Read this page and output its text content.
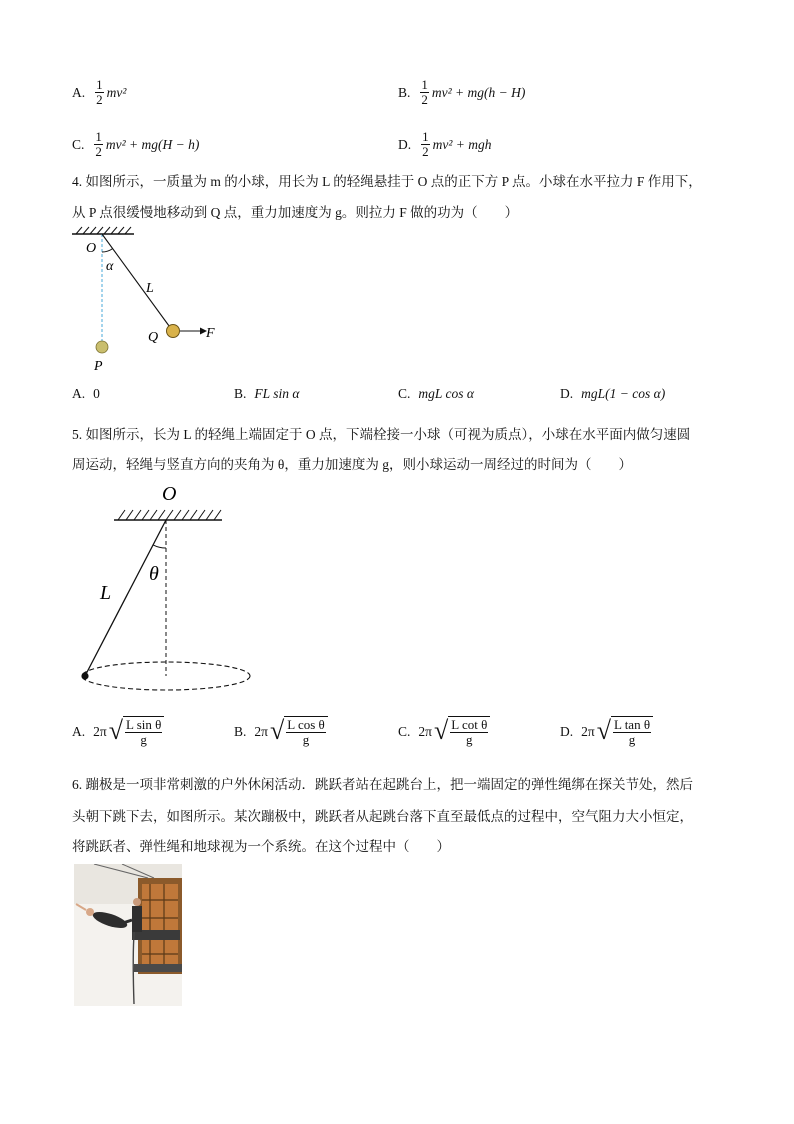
A. $\frac{1}{2} mv^2$	B. $\frac{1}{2} mv^2 + mg(h - H)$
C. $\frac{1}{2} mv^2 + mg(H - h)$	D. $\frac{1}{2} mv^2$ + mgh
4. 如图所示，一质量为 m 的小球，用长为 L 的轻绳悬挂于 O 点的正下方 P 点。小球在水平拉力 F 作用下，
从 P 点很缓慢地移动到 Q 点，重力加速度为 g。则拉力 F 做的功为（　　）
O
α
L
Q	F
P
A. 0	B. FL sin α	C. mgL cos α	D. mgL(1 − cos α)
5. 如图所示，长为 L 的轻绳上端固定于 O 点，下端栓接一小球（可视为质点），小球在水平面内做匀速圆
周运动，轻绳与竖直方向的夹角为 θ，重力加速度为 g，则小球运动一周经过的时间为（　　）
O
θ
L
A. 2π √ $\frac{\text{L sin θ}}{g}$	B. 2π √ $\frac{\text{L cos θ}}{g}$	C. 2π √ $\frac{\text{L cot θ}}{g}$	D. 2π √ $\frac{\text{L tan θ}}{g}$
6. 蹦极是一项非常刺激的户外休闲活动．跳跃者站在起跳台上，把一端固定的弹性绳绑在探关节处，然后
头朝下跳下去，如图所示。某次蹦极中，跳跃者从起跳台落下直至最低点的过程中，空气阻力大小恒定，
将跳跃者、弹性绳和地球视为一个系统。在这个过程中（　　）
